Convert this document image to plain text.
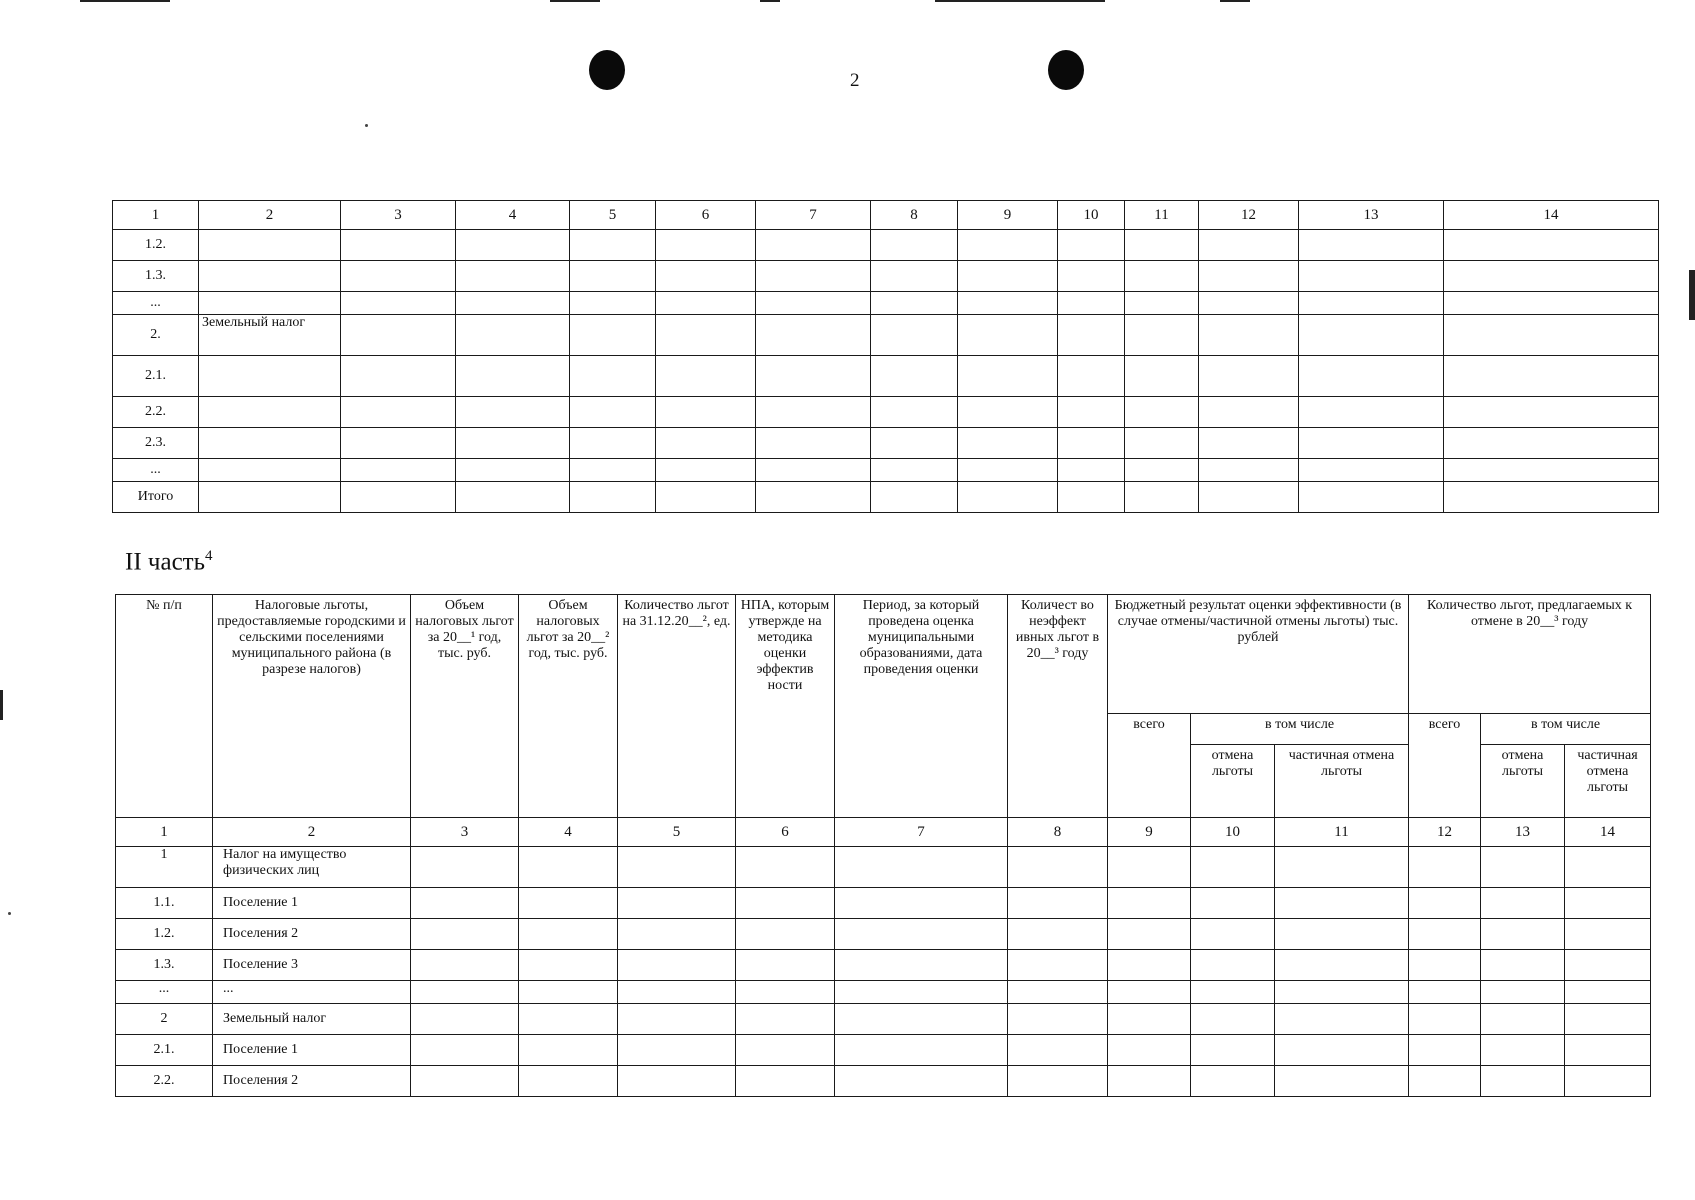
2
1	2	3	4	5	6	7	8	9	10	11	12	13	14
1.2.													
1.3.													
...													
2.	Земельный налог												
2.1.													
2.2.													
2.3.													
...													
Итого													
II часть$^4$
№ п/п	Налоговые льготы, предоставляемые городскими и сельскими поселениями муниципального района (в разрезе налогов)	Объем налоговых льгот за 20__¹ год, тыс. руб.	Объем налоговых льгот за 20__² год, тыс. руб.	Количество льгот на 31.12.20__², ед.	НПА, которым утвержде на методика оценки эффектив ности	Период, за который проведена оценка муниципальными образованиями, дата проведения оценки	Количест во неэффект ивных льгот в 20__³ году	Бюджетный результат оценки эффективности (в случае отмены/частичной отмены льготы) тыс. рублей			Количество льгот, предлагаемых к отмене в 20__³ году		
								всего	в том числе		всего	в том числе	
									отмена льготы	частичная отмена льготы		отмена льготы	частичная отмена льготы
1	2	3	4	5	6	7	8	9	10	11	12	13	14
1	Налог на имущество физических лиц												
1.1.	Поселение 1												
1.2.	Поселения 2												
1.3.	Поселение 3												
...	...												
2	Земельный налог												
2.1.	Поселение 1												
2.2.	Поселения 2												
